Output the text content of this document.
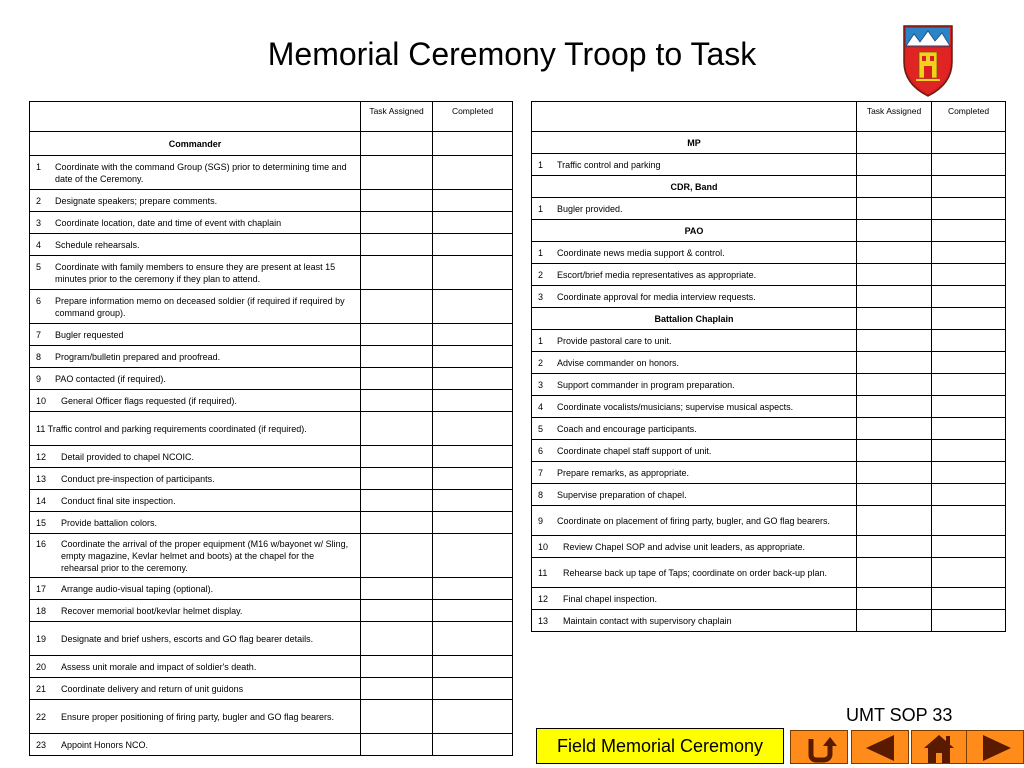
Memorial Ceremony Troop to Task
	Task Assigned	Completed
Commander		

1 Coordinate with the command Group (SGS) prior to determining time and date of the Ceremony.		

2 Designate speakers; prepare comments.		

3 Coordinate location, date and time of event with chaplain		

4 Schedule rehearsals.		

5 Coordinate with family members to ensure they are present at least 15 minutes prior to the ceremony if they plan to attend.		

6 Prepare information memo on deceased soldier (if required if required by command group).		

7 Bugler requested		

8 Program/bulletin prepared and proofread.		

9 PAO contacted (if required).		

10 General Officer flags requested (if required).		

11 Traffic control and parking requirements coordinated (if required).		

12 Detail provided to chapel NCOIC.		

13 Conduct pre-inspection of participants.		

14 Conduct final site inspection.		

15 Provide battalion colors.		

16 Coordinate the arrival of the proper equipment (M16 w/bayonet w/ Sling, empty magazine, Kevlar helmet and boots) at the chapel for the rehearsal prior to the ceremony.		

17 Arrange audio-visual taping (optional).		

18 Recover memorial boot/kevlar helmet display.		

19 Designate and brief ushers, escorts and GO flag bearer details.		

20 Assess unit morale and impact of soldier's death.		

21 Coordinate delivery and return of unit guidons		

22 Ensure proper positioning of firing party, bugler and GO flag bearers.		

23 Appoint Honors NCO.		

	Task Assigned	Completed
MP		

1 Traffic control and parking		

CDR, Band		

1 Bugler provided.		

PAO		

1 Coordinate news media support & control.		

2 Escort/brief media representatives as appropriate.		

3 Coordinate approval for media interview requests.		

Battalion Chaplain		

1 Provide pastoral care to unit.		

2 Advise commander on honors.		

3 Support commander in program preparation.		

4 Coordinate vocalists/musicians; supervise musical aspects.		

5 Coach and encourage participants.		

6 Coordinate chapel staff support of unit.		

7 Prepare remarks, as appropriate.		

8 Supervise preparation of chapel.		

9 Coordinate on placement of firing party, bugler, and GO flag bearers.		

10 Review Chapel SOP and advise unit leaders, as appropriate.		

11 Rehearse back up tape of Taps; coordinate on order back-up plan.		

12 Final chapel inspection.		

13 Maintain contact with supervisory chaplain		

UMT SOP 33
Field Memorial Ceremony
